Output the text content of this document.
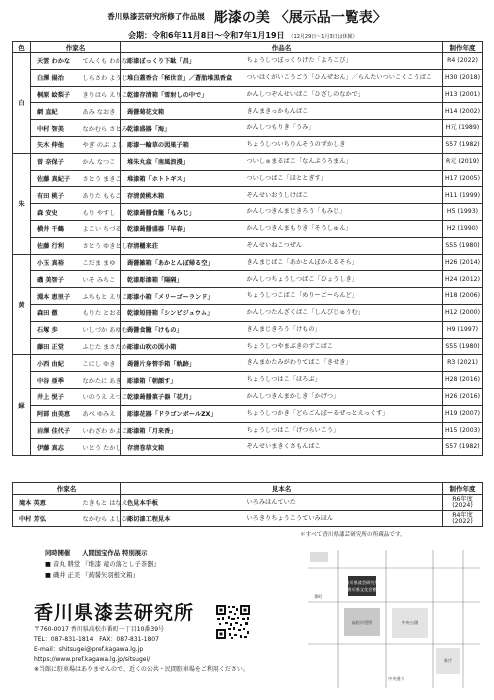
香川県漆芸研究所修了作品展 彫漆の美 〈展示品一覧表〉
会期：令和6年11月8日～令和7年1月19日 （12月29日～1月3日は休館）
色	作家名		作品名		制作年度
白	天雲 わかな	てんくも わかな	彫漆ぼっくり下駄「昌」	ちょうしつぼっくりげた「よろこび」	R4 (2022)
	白澤 揚治	しらさわ ようじ	堆白蓋香合「秘世音」／蒼胎堆黒香盒	ついはくがいこうごう「ひんぜおん」／らんたいついこくこうばこ	H30 (2018)
	桐原 絵梨子	きりはら えりこ	乾漆存清箱「雪射しの中で」	かんしつぞんせいばこ「ひざしのなかで」	H13 (2001)
	網 直紀	あみ なおき	蒟醤菊花文箱	きんまきっかもんばこ	H14 (2002)
	中村 智美	なかむら さとみ	乾漆盛器「海」	かんしつもりき「うみ」	H元 (1989)
	矢木 伸他	やぎ のぶ よし	彫漆一輪草の図巣子箱	ちょうしついちりんそうのずかしき	S57 (1982)
朱	曽 奈保子	かん なつこ	堆朱丸盒「南風浪漫」	ついしゅまるばこ「なんぷうろまん」	R元 (2019)
	佐藤 真紀子	さとう まきこ	堆漆箱「ホトトギス」	ついしつばこ「ほととぎす」	H17 (2005)
	有田 桃子	ありた ももこ	存清黄桃木箱	ぞんせいおうしけばこ	H11 (1999)
	森 安史	もり やすし	乾漆蒟醤食籠「もみじ」	かんしつきんまじきろう「もみじ」	H5 (1993)
	横井 千鶴	よこい ちづる	乾漆蒟醤盛器「早春」	かんしつきんまもりき「そうしゅん」	H2 (1990)
	佐藤 行利	さとう ゆきとし	存清櫃来荘	ぞんせいねこつぜん	S55 (1980)
黄	小玉 真裕	こだま まゆ	蒟醤雑箱「あかとんぼ帰る空」	きんまじばこ「あかとんぼかえるそら」	H26 (2014)
	磯 美智子	いそ みちこ	乾漆彫漆箱「陽隔」	かんしつちょうしつばこ「ひょうしき」	H24 (2012)
	淵本 恵里子	ふちもと えりこ	彫漆小箱「メリーゴーランド」	ちょうしつこばこ「めりーごーらんど」	H18 (2006)
	森田 徹	もりた とおる	乾漆短冊箱「シンビジュウム」	かんしつたんざくばこ「しんびじゅうむ」	H12 (2000)
	石塚 歩	いしづか あゆむ	蒟醤食籠「けもの」	きんまじきろう「けもの」	H9 (1997)
	藤田 正堂	ふじた まさたか	彫漆山吹の図小箱	ちょうしつやまぶきのずこばこ	S55 (1980)
緑	小西 由紀	こにし ゆき	蒟醤片身替手箱「軌跡」	きんまかたみがわりてばこ「きせき」	R3 (2021)
	中谷 亜季	なかたに あき	彫漆箱「朝顔す」	ちょうしつはこ「ほろぶ」	H28 (2016)
	井上 悦子	いのうえ えつこ	乾漆蒟醤菓子器「花月」	かんしつきんまかしき「かげつ」	H26 (2016)
	阿部 由美恵	あべ ゆみえ	彫漆花器「ドラゴンボールZX」	ちょうしつかき「どらごんぼーるぜっとえっくす」	H19 (2007)
	岩澤 佳代子	いわざわ かよこ	彫漆箱「月来香」	ちょうしつはこ「げつらいこう」	H15 (2003)
	伊藤 真志	いとう たかし	存清巻草文箱	ぞんせいまきくさもんばこ	S57 (1982)
作家名		見本名		制作年度
滝本 英恵	たきもと はなえ	色見本手板	いろみほんていた	R6年度 (2024)
中村 芳弘	なかむら よしひろ	彫切漆工程見本	いろきりちょうこうていみほん	R4年度 (2022)
＊すべて香川県漆芸研究所の所蔵品です。
同時開催 人間国宝作品 特別展示
■ 音丸 耕堂 『堆漆 竜の落とし子茶器』
■ 磯井 正美 『蒟醤矢羽根文箱』
香川県漆芸研究所
〒760-0017 香川県高松市番町一丁目10番39号
TEL：087-831-1814　FAX：087-831-1807
E-mail：shitsugei@pref.kagawa.lg.jp
https://www.pref.kagawa.lg.jp/sitsugei/
※当館に駐車場はありませんので、近くの公共・民間駐車場をご利用ください。
香川県漆芸研究所
香川県文化会館
中央公園
県庁
高松市役所
中央通り
番町
